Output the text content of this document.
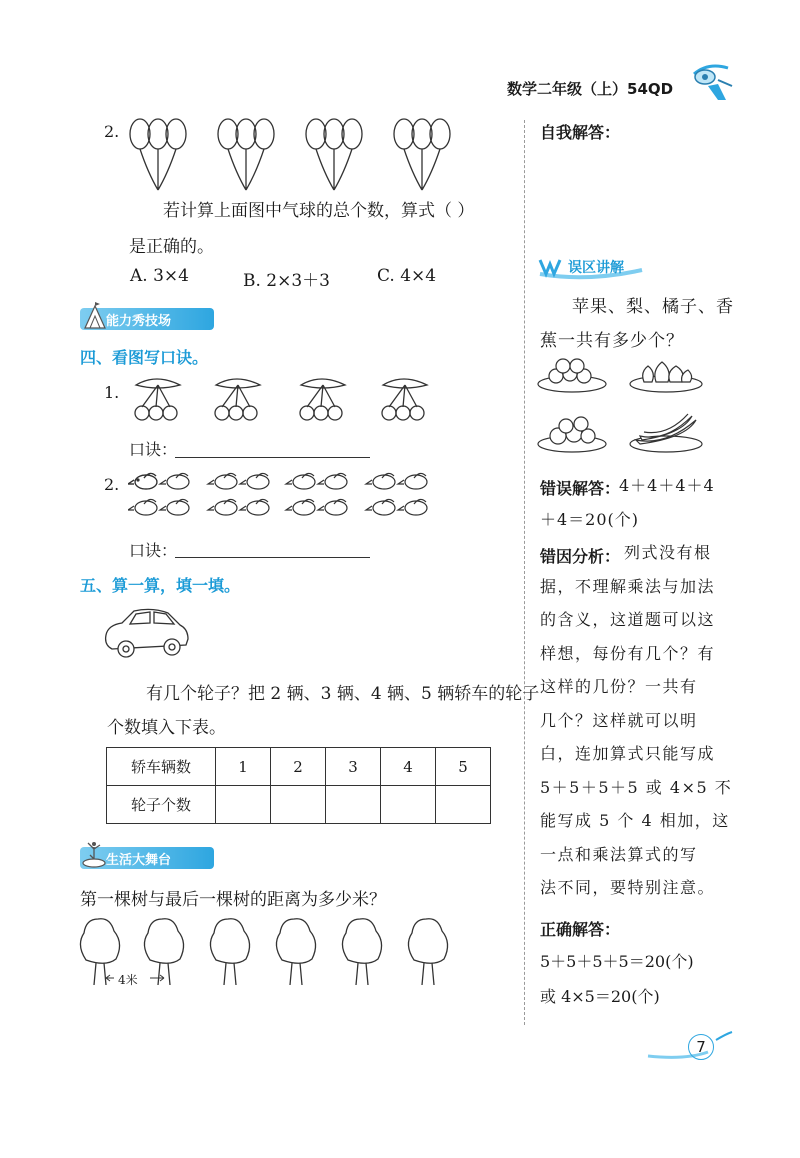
数学二年级（上）54QD
2.
若计算上面图中气球的总个数，算式（ ）
是正确的。
A. 3×4	B. 2×3＋3	C. 4×4
能力秀技场
四、看图写口诀。
1.
口诀：
2.
口诀：
五、算一算，填一填。
有几个轮子？把 2 辆、3 辆、4 辆、5 辆轿车的轮子
个数填入下表。
轿车辆数	1	2	3	4	5
轮子个数					
生活大舞台
第一棵树与最后一棵树的距离为多少米？
4米
自我解答：
误区讲解
苹果、梨、橘子、香
蕉一共有多少个？
错误解答：
4＋4＋4＋4
＋4＝20(个)
错因分析： 列式没有根
据，不理解乘法与加法
的含义，这道题可以这
样想，每份有几个？有
这样的几份？一共有
几个？这样就可以明
白，连加算式只能写成
5＋5＋5＋5 或 4×5 不
能写成 5 个 4 相加，这
一点和乘法算式的写
法不同，要特别注意。
正确解答：
5＋5＋5＋5＝20(个)
或 4×5＝20(个)
7
